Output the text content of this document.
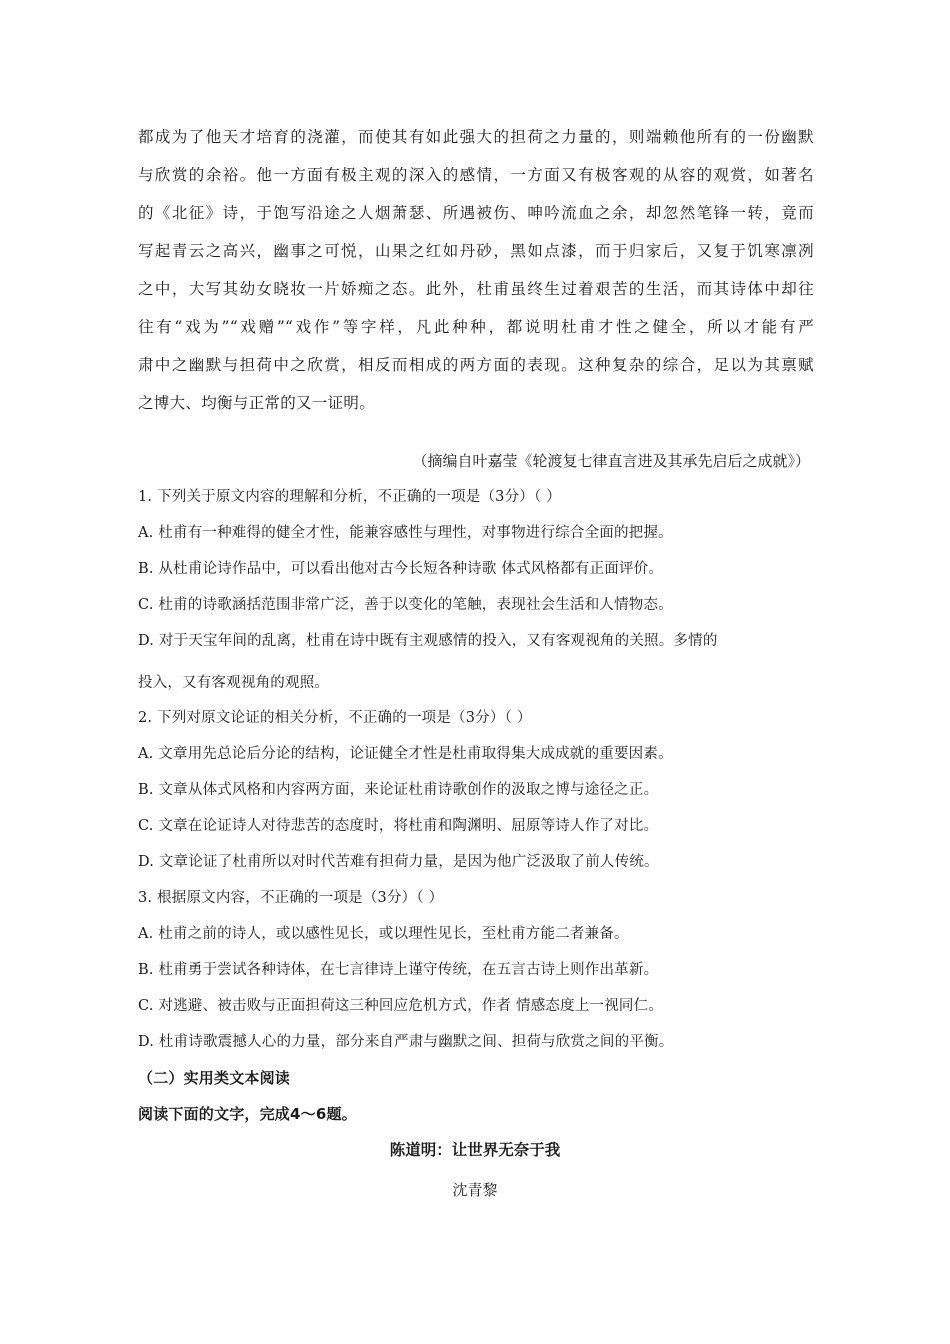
都成为了他天才培育的浇灌，而使其有如此强大的担荷之力量的，则端赖他所有的一份幽默
与欣赏的余裕。他一方面有极主观的深入的感情，一方面又有极客观的从容的观赏，如著名
的《北征》诗，于饱写沿途之人烟萧瑟、所遇被伤、呻吟流血之余，却忽然笔锋一转，竟而
写起青云之高兴，幽事之可悦，山果之红如丹砂，黑如点漆，而于归家后，又复于饥寒凛冽
之中，大写其幼女晓妆一片娇痴之态。此外，杜甫虽终生过着艰苦的生活，而其诗体中却往
往有“戏为”“戏赠”“戏作”等字样，凡此种种，都说明杜甫才性之健全，所以才能有严
肃中之幽默与担荷中之欣赏，相反而相成的两方面的表现。这种复杂的综合，足以为其禀赋
之博大、均衡与正常的又一证明。
（摘编自叶嘉莹《轮渡复七律直言进及其承先启后之成就》）
1. 下列关于原文内容的理解和分析，不正确的一项是（3分）（ ）
A. 杜甫有一种难得的健全才性，能兼容感性与理性，对事物进行综合全面的把握。
B. 从杜甫论诗作品中，可以看出他对古今长短各种诗歌 体式风格都有正面评价。
C. 杜甫的诗歌涵括范围非常广泛，善于以变化的笔触，表现社会生活和人情物态。
D. 对于天宝年间的乱离，杜甫在诗中既有主观感情的投入，又有客观视角的关照。多情的
投入，又有客观视角的观照。
2. 下列对原文论证的相关分析，不正确的一项是（3分）（ ）
A. 文章用先总论后分论的结构，论证健全才性是杜甫取得集大成成就的重要因素。
B. 文章从体式风格和内容两方面，来论证杜甫诗歌创作的汲取之博与途径之正。
C. 文章在论证诗人对待悲苦的态度时，将杜甫和陶渊明、屈原等诗人作了对比。
D. 文章论证了杜甫所以对时代苦难有担荷力量，是因为他广泛汲取了前人传统。
3. 根据原文内容，不正确的一项是（3分）（ ）
A. 杜甫之前的诗人，或以感性见长，或以理性见长，至杜甫方能二者兼备。
B. 杜甫勇于尝试各种诗体，在七言律诗上谨守传统，在五言古诗上则作出革新。
C. 对逃避、被击败与正面担荷这三种回应危机方式，作者 情感态度上一视同仁。
D. 杜甫诗歌震撼人心的力量，部分来自严肃与幽默之间、担荷与欣赏之间的平衡。
（二）实用类文本阅读
阅读下面的文字，完成4～6题。
陈道明：让世界无奈于我
沈青黎
